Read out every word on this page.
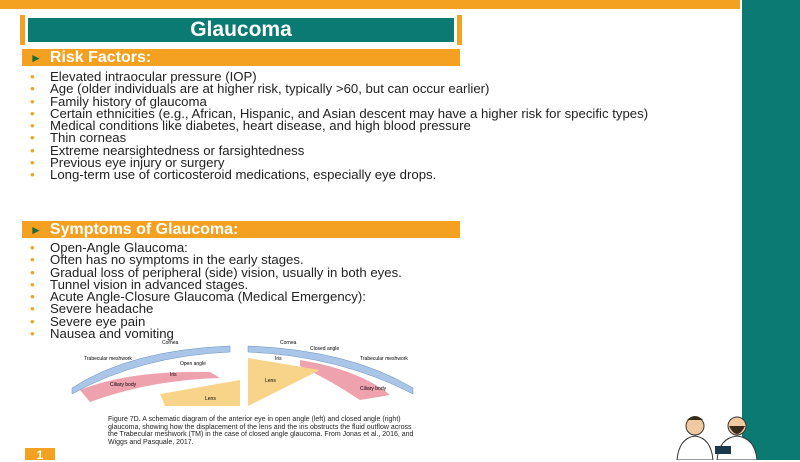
Glaucoma
► Risk Factors:
• Elevated intraocular pressure (IOP)
• Age (older individuals are at higher risk, typically >60, but can occur earlier)
• Family history of glaucoma
• Certain ethnicities (e.g., African, Hispanic, and Asian descent may have a higher risk for specific types)
• Medical conditions like diabetes, heart disease, and high blood pressure
• Thin corneas
• Extreme nearsightedness or farsightedness
• Previous eye injury or surgery
• Long-term use of corticosteroid medications, especially eye drops.
► Symptoms of Glaucoma:
• Open-Angle Glaucoma:
• Often has no symptoms in the early stages.
• Gradual loss of peripheral (side) vision, usually in both eyes.
• Tunnel vision in advanced stages.
• Acute Angle-Closure Glaucoma (Medical Emergency):
• Severe headache
• Severe eye pain
• Nausea and vomiting
Cornea
Trabecular meshwork
Open angle
Iris
Ciliary body
Lens
Cornea
Closed angle
Iris	Trabecular meshwork
Ciliary body
Lens
Figure 7D. A schematic diagram of the anterior eye in open angle (left) and closed angle (right) glaucoma, showing how the displacement of the lens and the iris obstructs the fluid outflow across the Trabecular meshwork (TM) in the case of closed angle glaucoma. From Jonas et al., 2016, and Wiggs and Pasquale, 2017.
1
